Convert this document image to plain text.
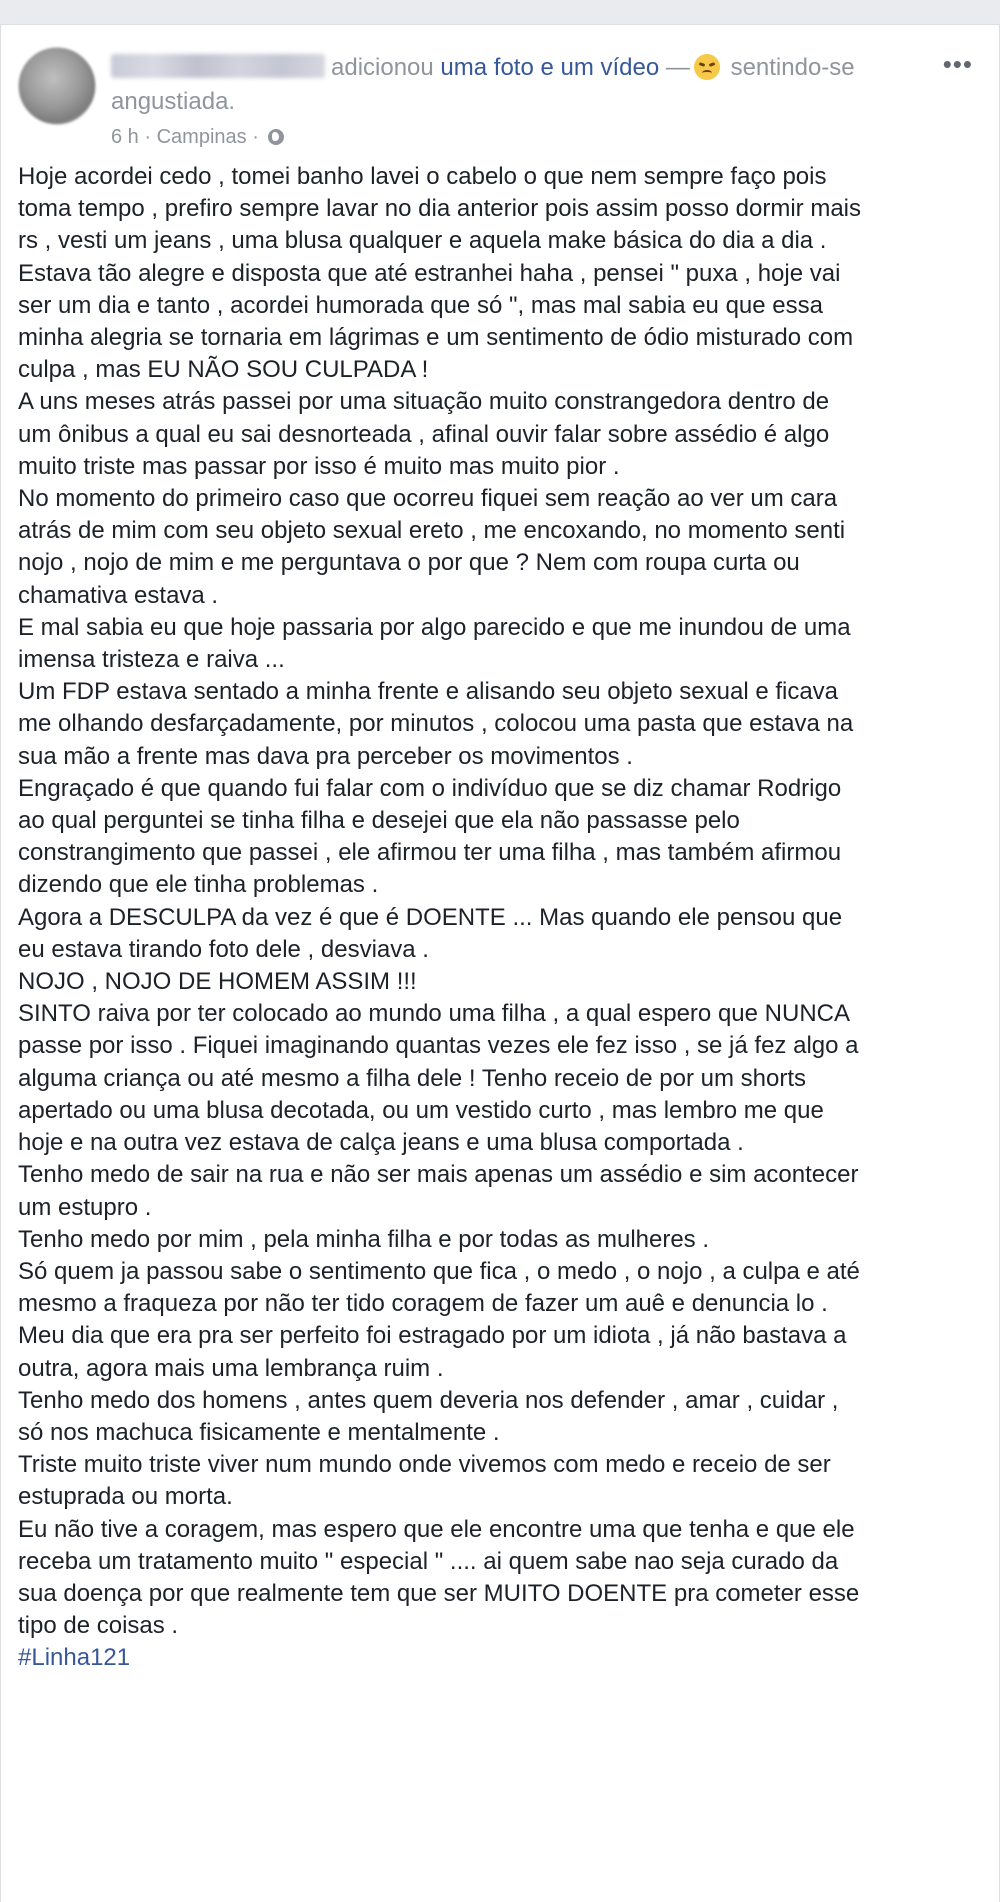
adicionou uma foto e um vídeo — sentindo-se angustiada.
•••
6 h · Campinas ·

Hoje acordei cedo , tomei banho lavei o cabelo o que nem sempre faço pois

toma tempo , prefiro sempre lavar no dia anterior pois assim posso dormir mais

rs , vesti um jeans , uma blusa qualquer e aquela make básica do dia a dia .

Estava tão alegre e disposta que até estranhei haha , pensei " puxa , hoje vai

ser um dia e tanto , acordei humorada que só ", mas mal sabia eu que essa

minha alegria se tornaria em lágrimas e um sentimento de ódio misturado com

culpa , mas EU NÃO SOU CULPADA !

A uns meses atrás passei por uma situação muito constrangedora dentro de

um ônibus a qual eu sai desnorteada , afinal ouvir falar sobre assédio é algo

muito triste mas passar por isso é muito mas muito pior .

No momento do primeiro caso que ocorreu fiquei sem reação ao ver um cara

atrás de mim com seu objeto sexual ereto , me encoxando, no momento senti

nojo , nojo de mim e me perguntava o por que ? Nem com roupa curta ou

chamativa estava .

E mal sabia eu que hoje passaria por algo parecido e que me inundou de uma

imensa tristeza e raiva ...

Um FDP estava sentado a minha frente e alisando seu objeto sexual e ficava

me olhando desfarçadamente, por minutos , colocou uma pasta que estava na

sua mão a frente mas dava pra perceber os movimentos .

Engraçado é que quando fui falar com o indivíduo que se diz chamar Rodrigo

ao qual perguntei se tinha filha e desejei que ela não passasse pelo

constrangimento que passei , ele afirmou ter uma filha , mas também afirmou

dizendo que ele tinha problemas .

Agora a DESCULPA da vez é que é DOENTE ... Mas quando ele pensou que

eu estava tirando foto dele , desviava .

NOJO , NOJO DE HOMEM ASSIM !!!

SINTO raiva por ter colocado ao mundo uma filha , a qual espero que NUNCA

passe por isso . Fiquei imaginando quantas vezes ele fez isso , se já fez algo a

alguma criança ou até mesmo a filha dele ! Tenho receio de por um shorts

apertado ou uma blusa decotada, ou um vestido curto , mas lembro me que

hoje e na outra vez estava de calça jeans e uma blusa comportada .

Tenho medo de sair na rua e não ser mais apenas um assédio e sim acontecer

um estupro .

Tenho medo por mim , pela minha filha e por todas as mulheres .

Só quem ja passou sabe o sentimento que fica , o medo , o nojo , a culpa e até

mesmo a fraqueza por não ter tido coragem de fazer um auê e denuncia lo .

Meu dia que era pra ser perfeito foi estragado por um idiota , já não bastava a

outra, agora mais uma lembrança ruim .

Tenho medo dos homens , antes quem deveria nos defender , amar , cuidar ,

só nos machuca fisicamente e mentalmente .

Triste muito triste viver num mundo onde vivemos com medo e receio de ser

estuprada ou morta.

Eu não tive a coragem, mas espero que ele encontre uma que tenha e que ele

receba um tratamento muito " especial " .... ai quem sabe nao seja curado da

sua doença por que realmente tem que ser MUITO DOENTE pra cometer esse

tipo de coisas .

#Linha121
